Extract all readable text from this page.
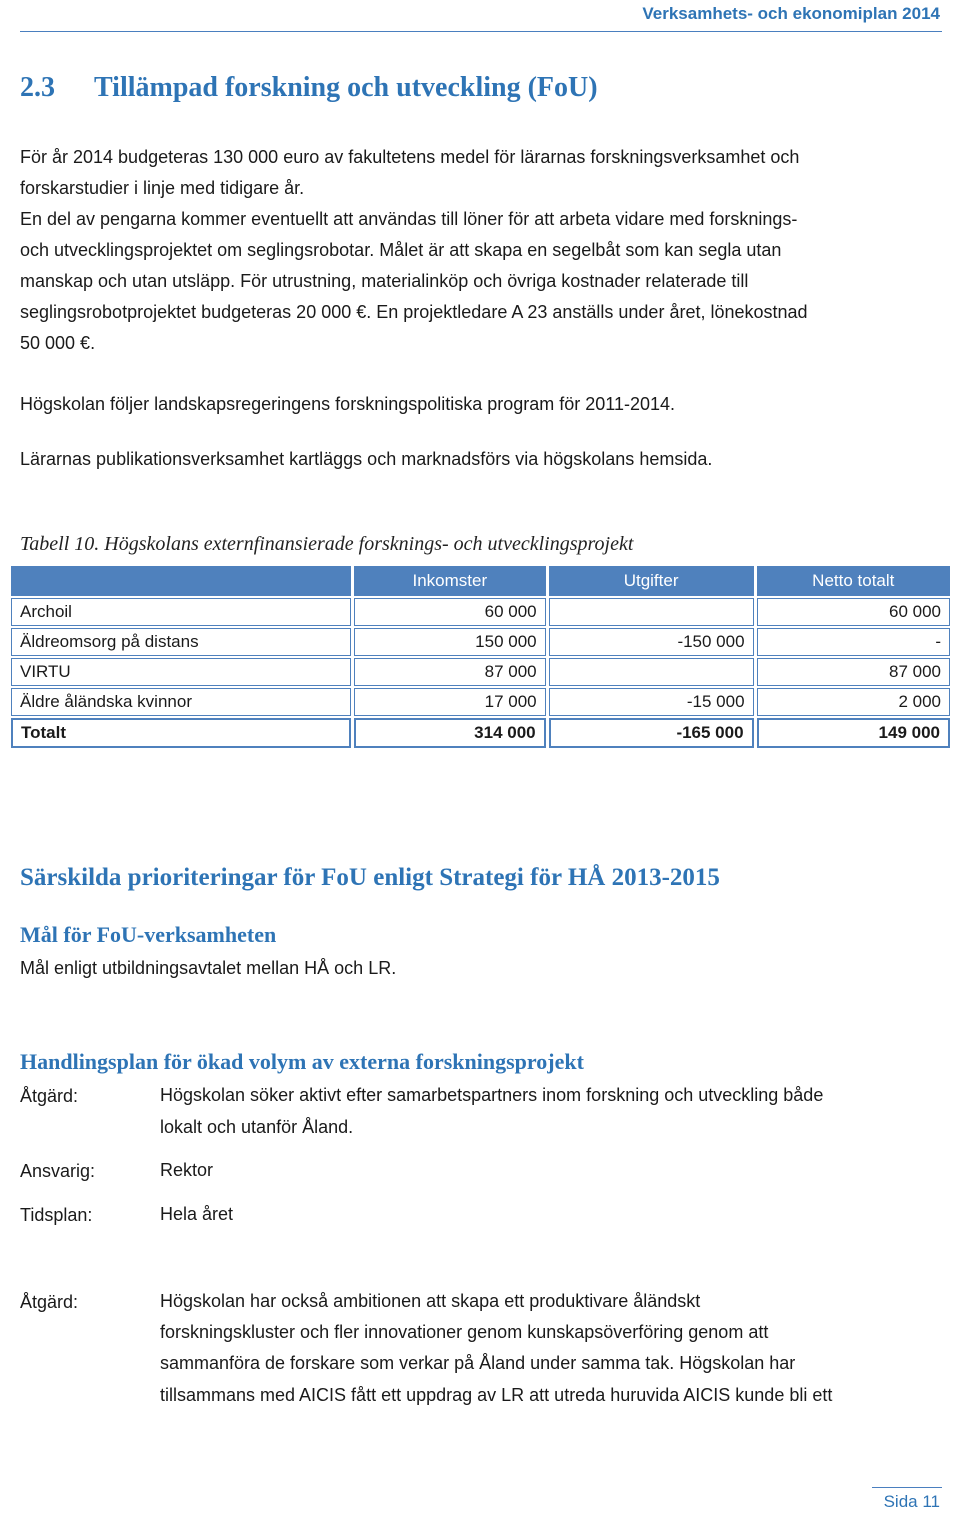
Verksamhets- och ekonomiplan 2014
2.3 Tillämpad forskning och utveckling (FoU)
För år 2014 budgeteras 130 000 euro av fakultetens medel för lärarnas forskningsverksamhet och
forskarstudier i linje med tidigare år.
En del av pengarna kommer eventuellt att användas till löner för att arbeta vidare med forsknings-
och utvecklingsprojektet om seglingsrobotar. Målet är att skapa en segelbåt som kan segla utan
manskap och utan utsläpp. För utrustning, materialinköp och övriga kostnader relaterade till
seglingsrobotprojektet budgeteras 20 000 €. En projektledare A 23 anställs under året, lönekostnad
50 000 €.
Högskolan följer landskapsregeringens forskningspolitiska program för 2011-2014.
Lärarnas publikationsverksamhet kartläggs och marknadsförs via högskolans hemsida.
Tabell 10. Högskolans externfinansierade forsknings- och utvecklingsprojekt
	Inkomster	Utgifter	Netto totalt
Archoil	60 000		60 000
Äldreomsorg på distans	150 000	-150 000	-
VIRTU	87 000		87 000
Äldre åländska kvinnor	17 000	-15 000	2 000
Totalt	314 000	-165 000	149 000
Särskilda prioriteringar för FoU enligt Strategi för HÅ 2013-2015
Mål för FoU-verksamheten
Mål enligt utbildningsavtalet mellan HÅ och LR.
Handlingsplan för ökad volym av externa forskningsprojekt
Åtgärd:	Högskolan söker aktivt efter samarbetspartners inom forskning och utveckling både
lokalt och utanför Åland.
Ansvarig:	Rektor
Tidsplan:	Hela året
Åtgärd:	Högskolan har också ambitionen att skapa ett produktivare åländskt
forskningskluster och fler innovationer genom kunskapsöverföring genom att
sammanföra de forskare som verkar på Åland under samma tak. Högskolan har
tillsammans med AICIS fått ett uppdrag av LR att utreda huruvida AICIS kunde bli ett
Sida 11
